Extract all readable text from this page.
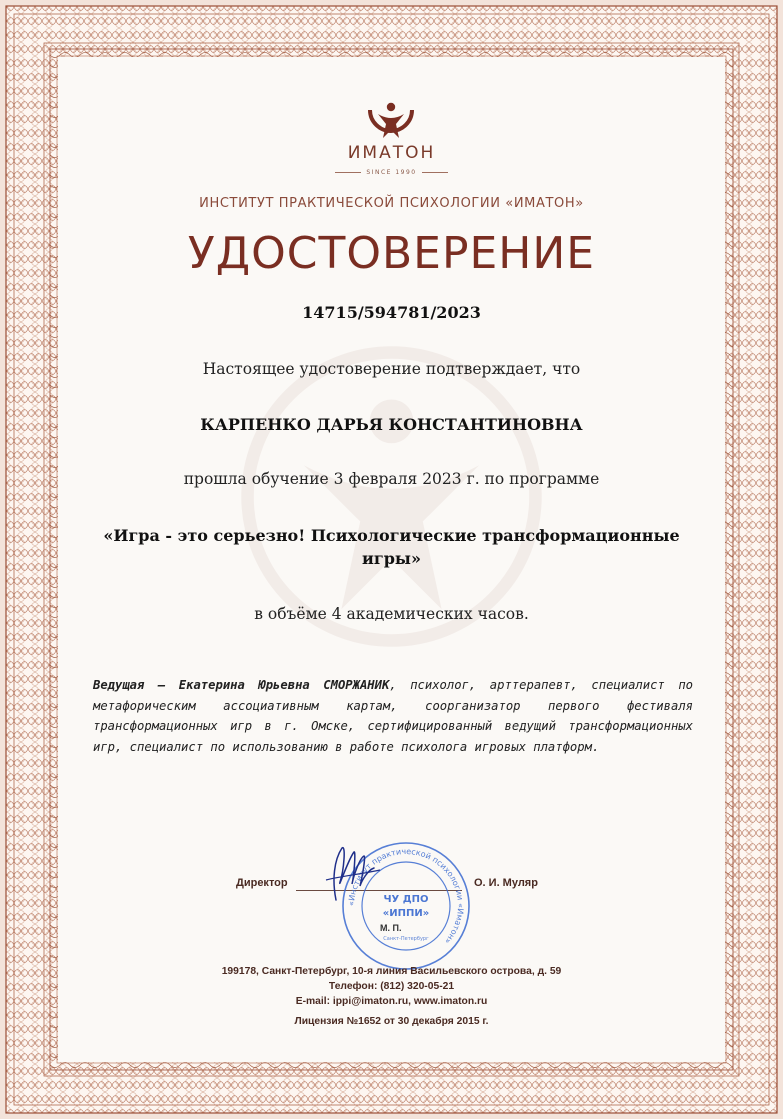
ИМАТОН
SINCE 1990
ИНСТИТУТ ПРАКТИЧЕСКОЙ ПСИХОЛОГИИ «ИМАТОН»
УДОСТОВЕРЕНИЕ
14715/594781/2023
Настоящее удостоверение подтверждает, что
КАРПЕНКО ДАРЬЯ КОНСТАНТИНОВНА
прошла обучение 3 февраля 2023 г. по программе
«Игра - это серьезно! Психологические трансформационные игры»
в объёме 4 академических часов.
Ведущая — Екатерина Юрьевна СМОРЖАНИК, психолог, арттерапевт, специалист по метафорическим ассоциативным картам, соорганизатор первого фестиваля трансформационных игр в г. Омске, сертифицированный ведущий трансформационных игр, специалист по использованию в работе психолога игровых платформ.
Директор	О. И. Муляр
«Институт практической психологии «Иматон»
ЧУ ДПО
«ИППИ»
Санкт-Петербург
М. П.
199178, Санкт-Петербург, 10-я линия Васильевского острова, д. 59
Телефон: (812) 320-05-21
E-mail: ippi@imaton.ru, www.imaton.ru
Лицензия №1652 от 30 декабря 2015 г.
